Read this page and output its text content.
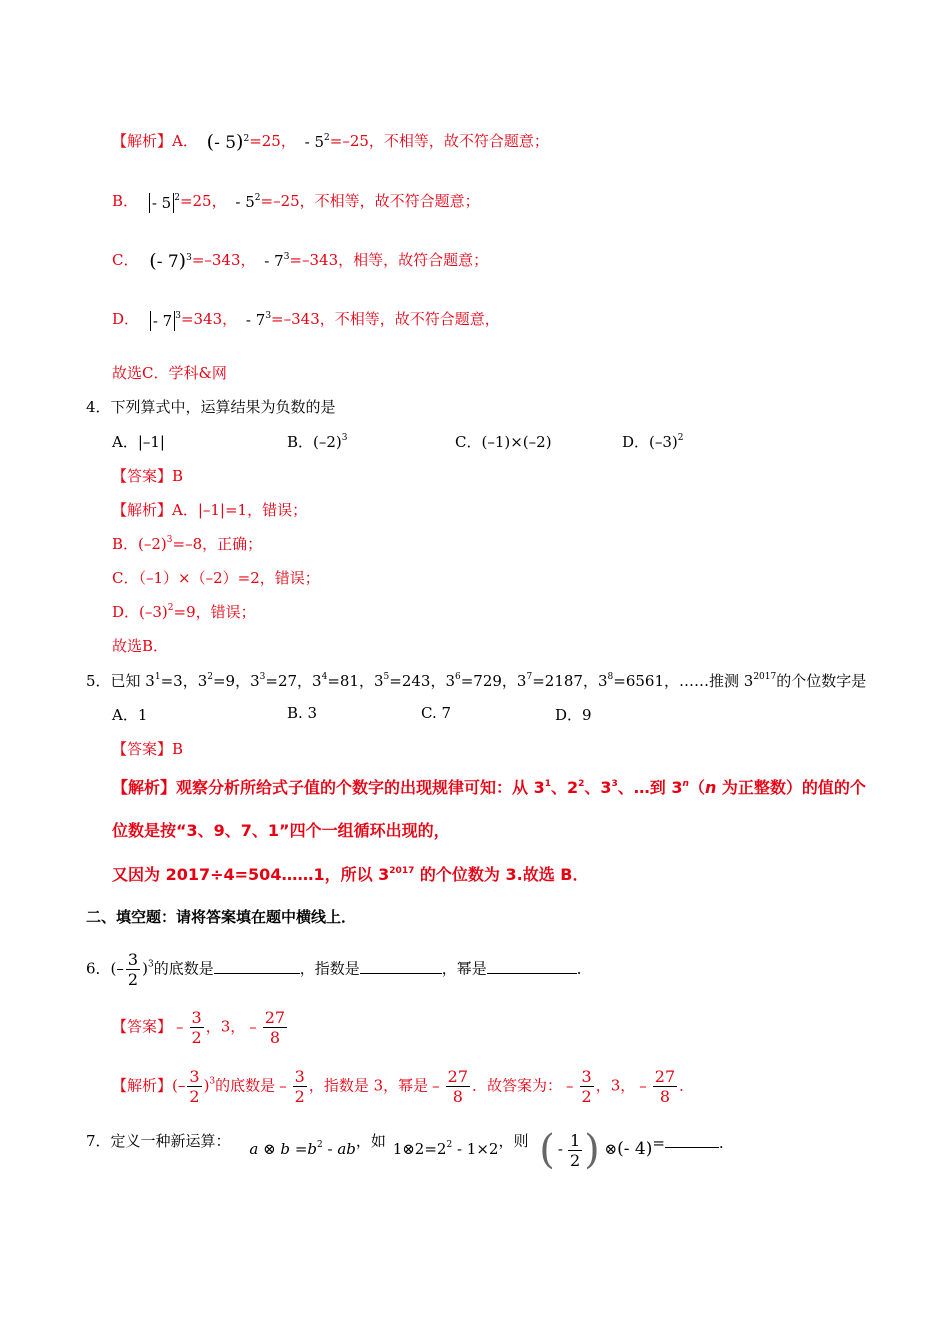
【解析】A． (- 5)$^2$=25， - $5^2=-25$，不相等，故不符合题意；
B． - 5 $^2$=25， - $5^2=-25$，不相等，故不符合题意；
C． (- 7)$^3$=–343， - $7^3=-343$，相等，故符合题意；
D． - 7 $^3$=343， - $7^3=-343$，不相等，故不符合题意，
故选C．学科&网
4．下列算式中，运算结果为负数的是
A．|–1|	B．$(-2)^3$	C．(–1)×(–2)	D．$(-3)^2$
【答案】B
【解析】A．|–1|=1，错误；
B．$(-2)^3=-8$，正确；
C．（–1）×（–2）=2，错误；
D．$(-3)^2=9$，错误；
故选B．
5．已知 $3^1=3$，$3^2=9$，$3^3=27$，$3^4=81$，$3^5=243$，$3^6=729$，$3^7=2187$，$3^8=6561$，……推测 $3^{2017}$的个位数字是
A．1	B. 3	C. 7	D．9
【答案】B
【解析】观察分析所给式子值的个数字的出现规律可知：从 $3^1$、$2^2$、$3^3$、…到 3$^n$（n 为正整数）的值的个
位数是按“3、9、7、1”四个一组循环出现的，
又因为 2017÷4=504……1，所以 $3^{2017}$ 的个位数为 3.故选 B．
二、填空题：请将答案填在题中横线上．
6．(– $\frac{3}{2} )^3$的底数是	，指数是	，幂是	．
【答案】 – $\frac{3}{2}$ ，3， – $\frac{27}{8}$
【解析】(– $\frac{3}{2} )^3$的底数是 – $\frac{3}{2}$ ，指数是 3，幂是 – $\frac{27}{8}$ ．故答案为： – $\frac{3}{2}$ ，3， – $\frac{27}{8}$ ．
7．定义一种新运算： a ⊗ $b =b^2$ - ab，如 $1\otimes 2=2^2 - 1\times 2$，则 ( - $\frac{1}{2}$ ) ⊗(- 4)=	.
